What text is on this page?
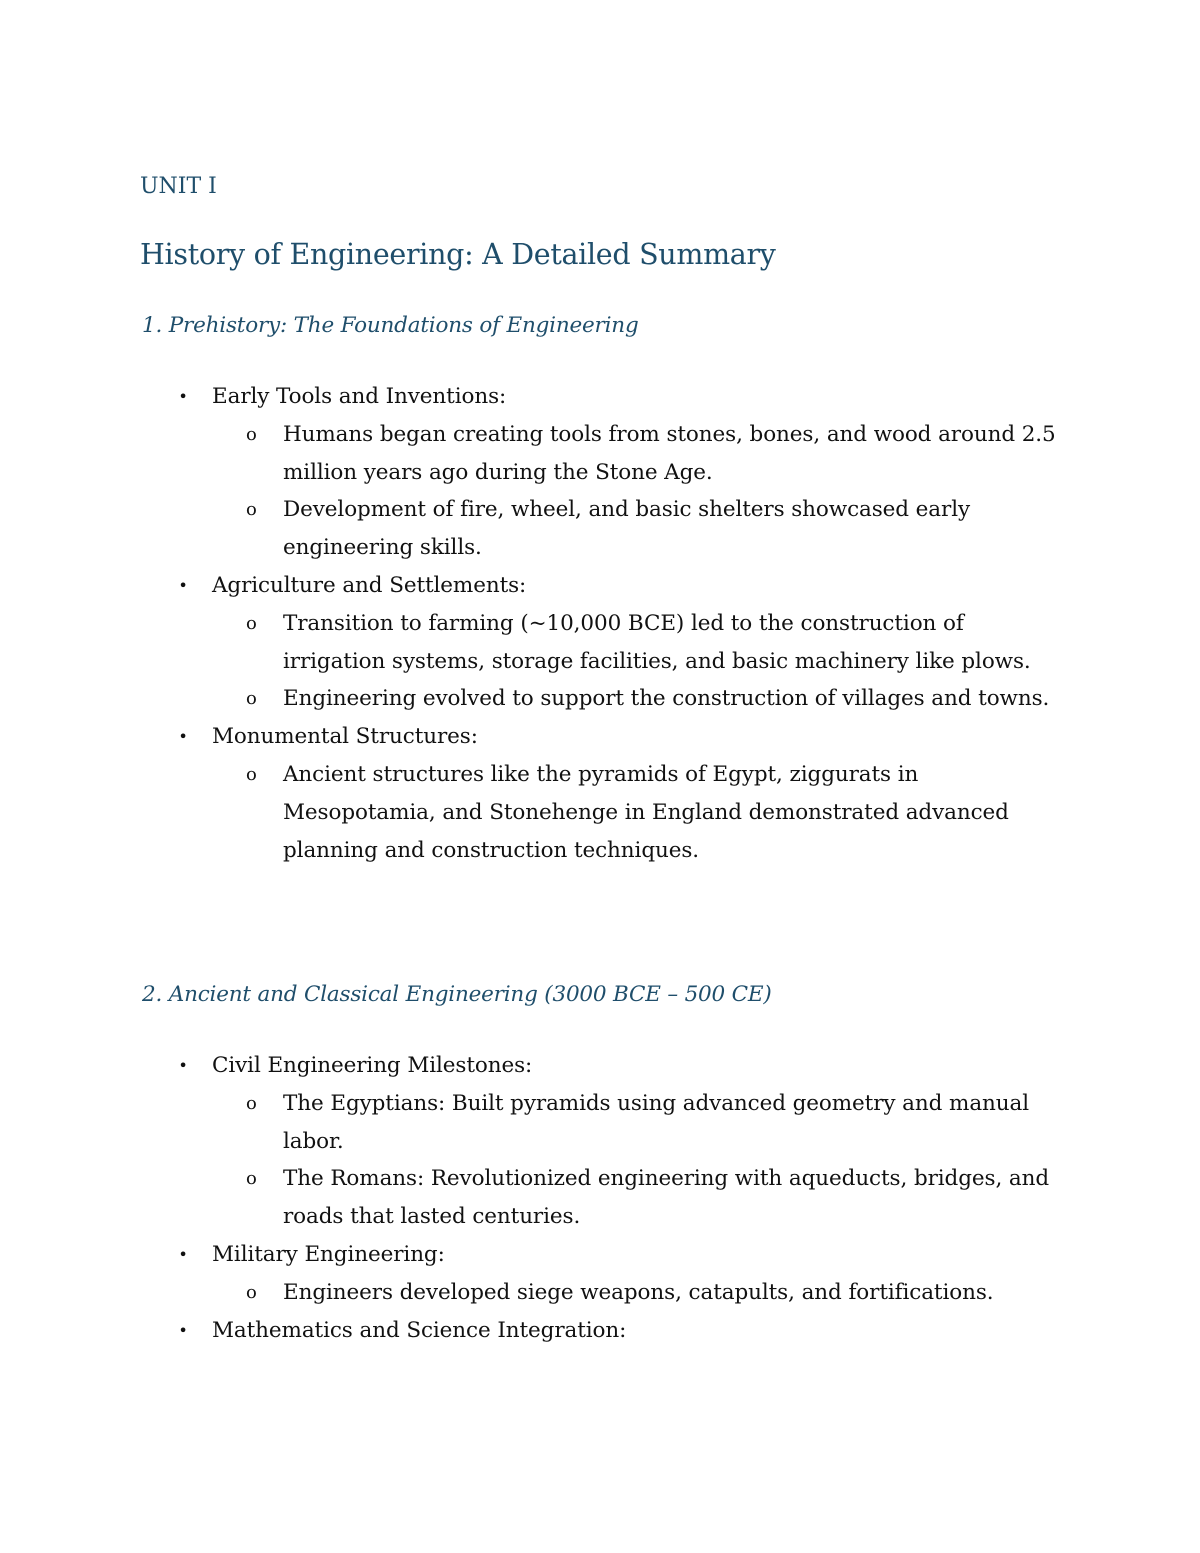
UNIT I
History of Engineering: A Detailed Summary
1. Prehistory: The Foundations of Engineering
• Early Tools and Inventions:
o Humans began creating tools from stones, bones, and wood around 2.5 million years ago during the Stone Age.
o Development of fire, wheel, and basic shelters showcased early engineering skills.
• Agriculture and Settlements:
o Transition to farming (~10,000 BCE) led to the construction of irrigation systems, storage facilities, and basic machinery like plows.
o Engineering evolved to support the construction of villages and towns.
• Monumental Structures:
o Ancient structures like the pyramids of Egypt, ziggurats in Mesopotamia, and Stonehenge in England demonstrated advanced planning and construction techniques.
2. Ancient and Classical Engineering (3000 BCE – 500 CE)
• Civil Engineering Milestones:
o The Egyptians: Built pyramids using advanced geometry and manual labor.
o The Romans: Revolutionized engineering with aqueducts, bridges, and roads that lasted centuries.
• Military Engineering:
o Engineers developed siege weapons, catapults, and fortifications.
• Mathematics and Science Integration:
